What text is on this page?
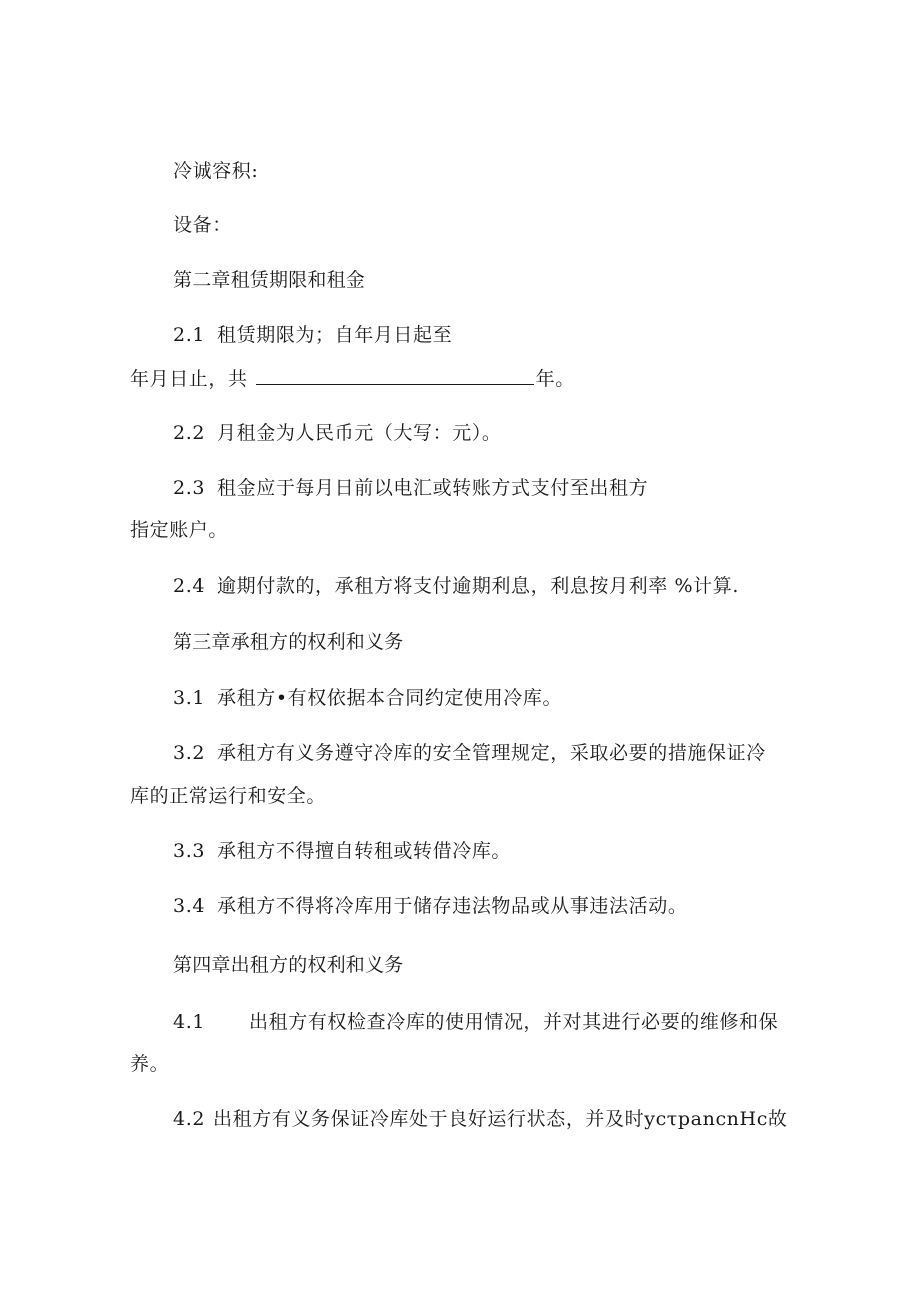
冷诚容积:
设备：
第二章租赁期限和租金
2.1 租赁期限为；自年月日起至
年月日止，共	年。
2.2 月租金为人民币元（大写：元）。
2.3 租金应于每月日前以电汇或转账方式支付至出租方
指定账户。
2.4 逾期付款的，承租方将支付逾期利息，利息按月利率 %计算.
第三章承租方的权利和义务
3.1 承租方•有权依据本合同约定使用冷库。
3.2 承租方有义务遵守冷库的安全管理规定，采取必要的措施保证冷
库的正常运行和安全。
3.3 承租方不得擅自转租或转借冷库。
3.4 承租方不得将冷库用于储存违法物品或从事违法活动。
第四章出租方的权利和义务
4.1 出租方有权检查冷库的使用情况，并对其进行必要的维修和保
养。
4.2 出租方有义务保证冷库处于良好运行状态，并及时ycτpancnHc故
